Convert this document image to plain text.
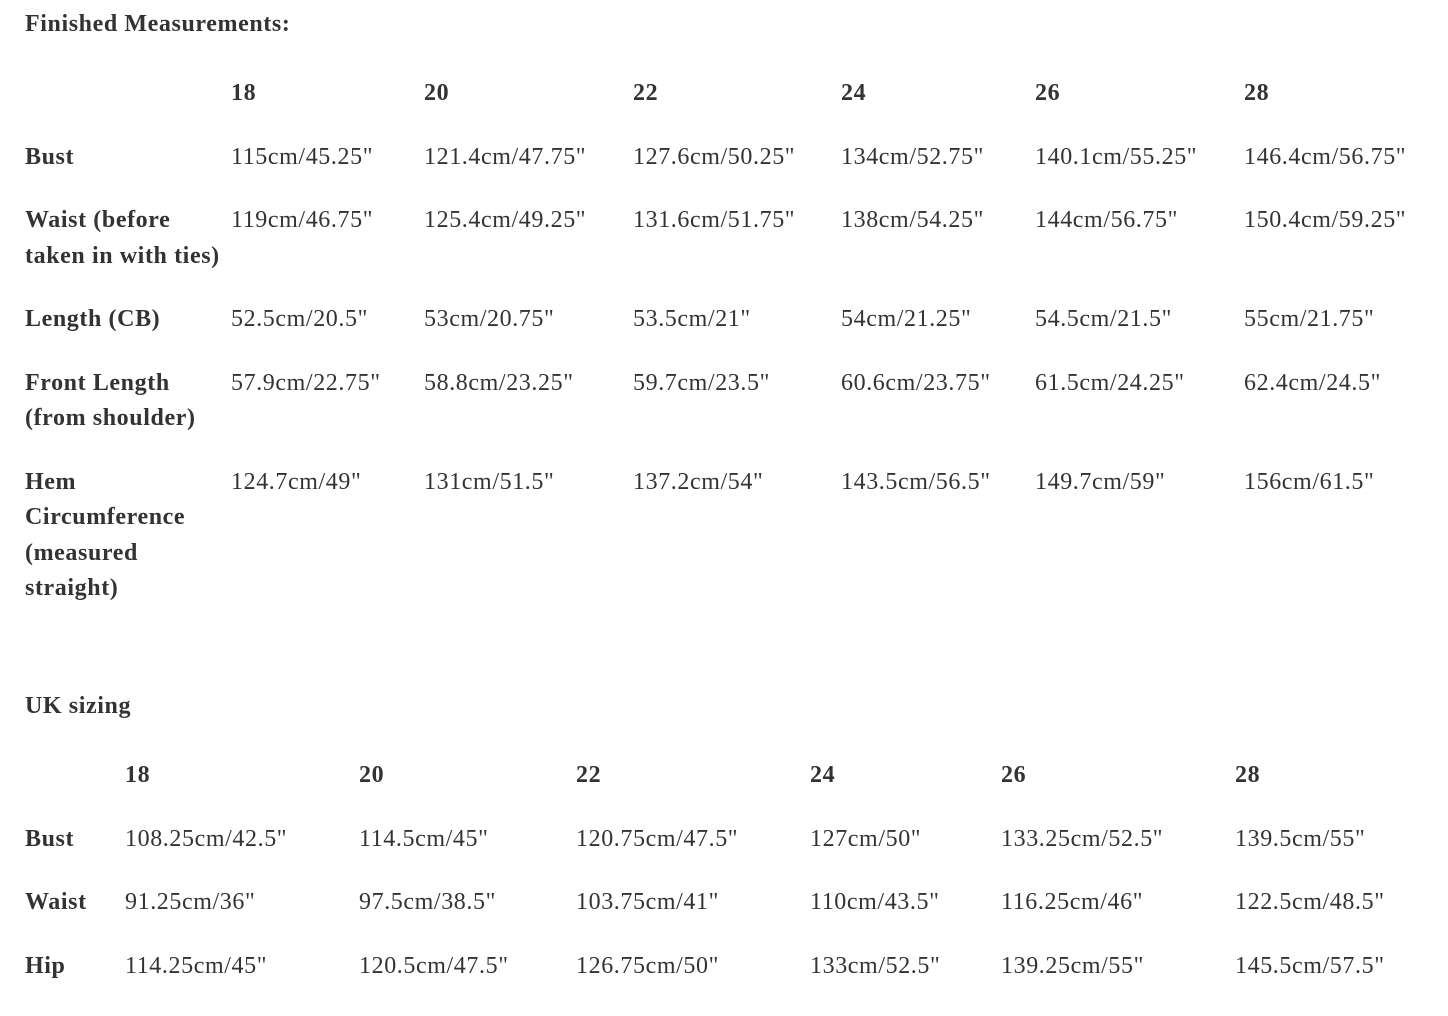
Finished Measurements:
	18	20	22	24	26	28
Bust	115cm/45.25"	121.4cm/47.75"	127.6cm/50.25"	134cm/52.75"	140.1cm/55.25"	146.4cm/56.75"
Waist (before taken in with ties)	119cm/46.75"	125.4cm/49.25"	131.6cm/51.75"	138cm/54.25"	144cm/56.75"	150.4cm/59.25"
Length (CB)	52.5cm/20.5"	53cm/20.75"	53.5cm/21"	54cm/21.25"	54.5cm/21.5"	55cm/21.75"
Front Length (from shoulder)	57.9cm/22.75"	58.8cm/23.25"	59.7cm/23.5"	60.6cm/23.75"	61.5cm/24.25"	62.4cm/24.5"
Hem Circumference (measured straight)	124.7cm/49"	131cm/51.5"	137.2cm/54"	143.5cm/56.5"	149.7cm/59"	156cm/61.5"
UK sizing
	18	20	22	24	26	28
Bust	108.25cm/42.5"	114.5cm/45"	120.75cm/47.5"	127cm/50"	133.25cm/52.5"	139.5cm/55"
Waist	91.25cm/36"	97.5cm/38.5"	103.75cm/41"	110cm/43.5"	116.25cm/46"	122.5cm/48.5"
Hip	114.25cm/45"	120.5cm/47.5"	126.75cm/50"	133cm/52.5"	139.25cm/55"	145.5cm/57.5"
